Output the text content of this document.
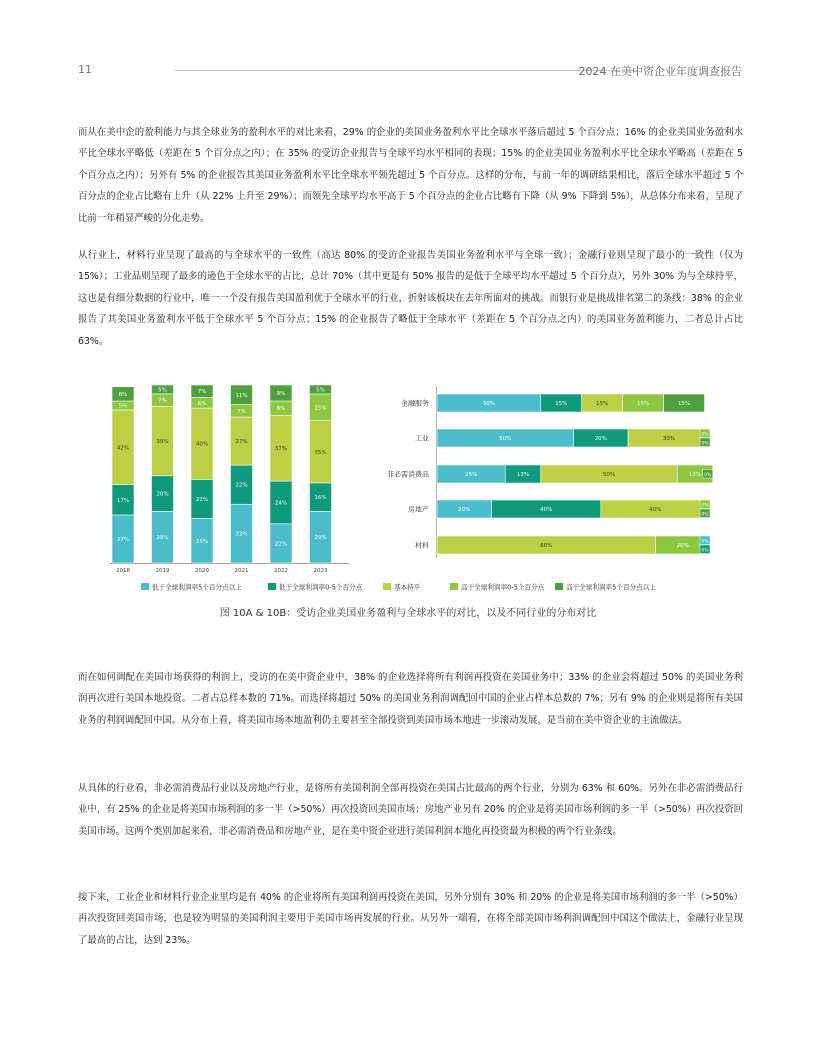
11	2024 在美中资企业年度调查报告

而从在美中企的盈利能力与其全球业务的盈利水平的对比来看，29% 的企业的美国业务盈利水平比全球水平落后超过 5 个百分点；16% 的企业美国业务盈利水平比全球水平略低（差距在 5 个百分点之内）；在 35% 的受访企业报告与全球平均水平相同的表现；15% 的企业美国业务盈利水平比全球水平略高（差距在 5 个百分点之内）；另外有 5% 的企业报告其美国业务盈利水平比全球水平领先超过 5 个百分点。这样的分布，与前一年的调研结果相比，落后全球水平超过 5 个百分点的企业占比略有上升（从 22% 上升至 29%）；而领先全球平均水平高于 5 个百分点的企业占比略有下降（从 9% 下降到 5%），从总体分布来看，呈现了比前一年稍显严峻的分化走势。

从行业上，材料行业呈现了最高的与全球水平的一致性（高达 80% 的受访企业报告美国业务盈利水平与全球一致）；金融行业则呈现了最小的一致性（仅为 15%）；工业品则呈现了最多的逊色于全球水平的占比，总计 70%（其中更是有 50% 报告的是低于全球平均水平超过 5 个百分点），另外 30% 为与全球持平，这也是有细分数据的行业中，唯一一个没有报告美国盈利优于全球水平的行业，折射该板块在去年所面对的挑战。而银行业是挑战排名第二的条线：38% 的企业报告了其美国业务盈利水平低于全球水平 5 个百分点；15% 的企业报告了略低于全球水平（差距在 5 个百分点之内）的美国业务盈利能力，二者总计占比 63%。

27%
17%
42%
5%
8%
2018
29%
20%
39%
7%
5%
2019
25%
22%
40%
6%
7%
2020
33%
22%
27%
7%
11%
2021
22%
24%
37%
8%
9%
2022
29%
16%
35%
15%
5%
2023
金融服务	38%	15%	15%	15%	15%
工业	50%	20%	30%
0%
0%
非必需消费品	25%	13%	50%	13% 0%
房地产	20%	40%	40%
0%
0%
材料	80%	20%
0%
0%
低于全球利润率5个百分点以上	低于全球利润率0-5个百分点	基本持平	高于全球利润率0-5个百分点	高于全球利润率5个百分点以上
图 10A & 10B：受访企业美国业务盈利与全球水平的对比，以及不同行业的分布对比

而在如何调配在美国市场获得的利润上，受访的在美中资企业中，38% 的企业选择将所有利润再投资在美国业务中；33% 的企业会将超过 50% 的美国业务利润再次进行美国本地投资。二者占总样本数的 71%。而选择将超过 50% 的美国业务利润调配回中国的企业占样本总数的 7%；另有 9% 的企业则是将所有美国业务的利润调配回中国。从分布上看，将美国市场本地盈利仍主要甚至全部投资到美国市场本地进一步滚动发展，是当前在美中资企业的主流做法。

从具体的行业看，非必需消费品行业以及房地产行业，是将所有美国利润全部再投资在美国占比最高的两个行业，分别为 63% 和 60%。另外在非必需消费品行业中，有 25% 的企业是将美国市场利润的多一半（>50%）再次投资回美国市场；房地产业另有 20% 的企业是将美国市场利润的多一半（>50%）再次投资回美国市场。这两个类别加起来看，非必需消费品和房地产业，是在美中资企业进行美国利润本地化再投资最为积极的两个行业条线。

接下来，工业企业和材料行业企业里均是有 40% 的企业将所有美国利润再投资在美国，另外分别有 30% 和 20% 的企业是将美国市场利润的多一半（>50%）再次投资回美国市场，也是较为明显的美国利润主要用于美国市场再发展的行业。从另外一端看，在将全部美国市场利润调配回中国这个做法上，金融行业呈现了最高的占比，达到 23%。
